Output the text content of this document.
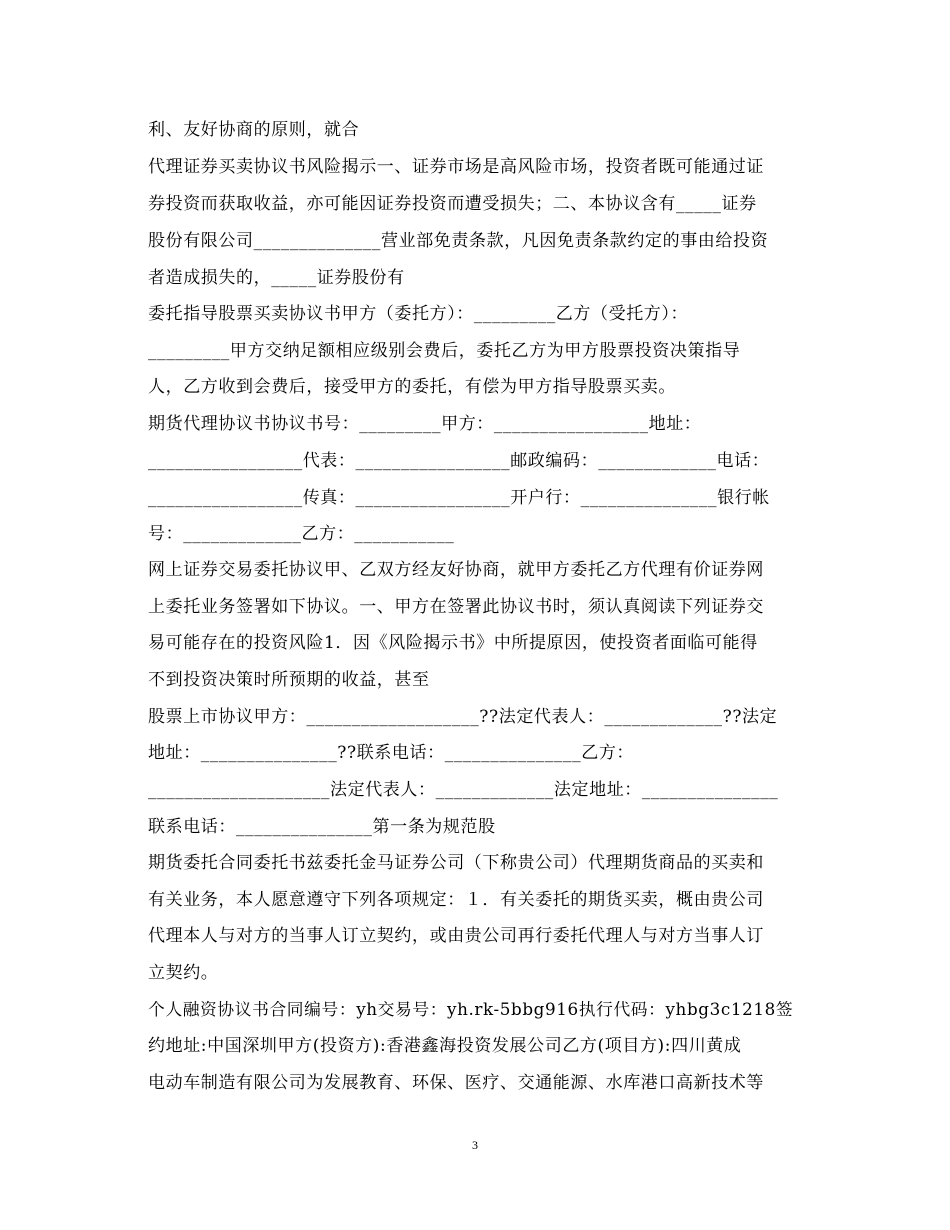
利、友好协商的原则，就合

代理证券买卖协议书风险揭示一、证券市场是高风险市场，投资者既可能通过证

券投资而获取收益，亦可能因证券投资而遭受损失；二、本协议含有_____证券

股份有限公司______________营业部免责条款，凡因免责条款约定的事由给投资

者造成损失的，_____证券股份有

委托指导股票买卖协议书甲方（委托方）：_________乙方（受托方）：

_________甲方交纳足额相应级别会费后，委托乙方为甲方股票投资决策指导

人，乙方收到会费后，接受甲方的委托，有偿为甲方指导股票买卖。

期货代理协议书协议书号：_________甲方：_________________地址：

_________________代表：_________________邮政编码：_____________电话：

_________________传真：_________________开户行：_______________银行帐

号：_____________乙方：___________

网上证券交易委托协议甲、乙双方经友好协商，就甲方委托乙方代理有价证券网

上委托业务签署如下协议。一、甲方在签署此协议书时，须认真阅读下列证券交

易可能存在的投资风险1．因《风险揭示书》中所提原因，使投资者面临可能得

不到投资决策时所预期的收益，甚至

股票上市协议甲方：___________________??法定代表人：_____________??法定

地址：_______________??联系电话：_______________乙方：

____________________法定代表人：_____________法定地址：_______________

联系电话：_______________第一条为规范股

期货委托合同委托书兹委托金马证券公司（下称贵公司）代理期货商品的买卖和

有关业务，本人愿意遵守下列各项规定：１．有关委托的期货买卖，概由贵公司

代理本人与对方的当事人订立契约，或由贵公司再行委托代理人与对方当事人订

立契约。

个人融资协议书合同编号：yh交易号：yh.rk-5bbg916执行代码：yhbg3c1218签

约地址:中国深圳甲方(投资方):香港鑫海投资发展公司乙方(项目方):四川黄成

电动车制造有限公司为发展教育、环保、医疗、交通能源、水库港口高新技术等

3
